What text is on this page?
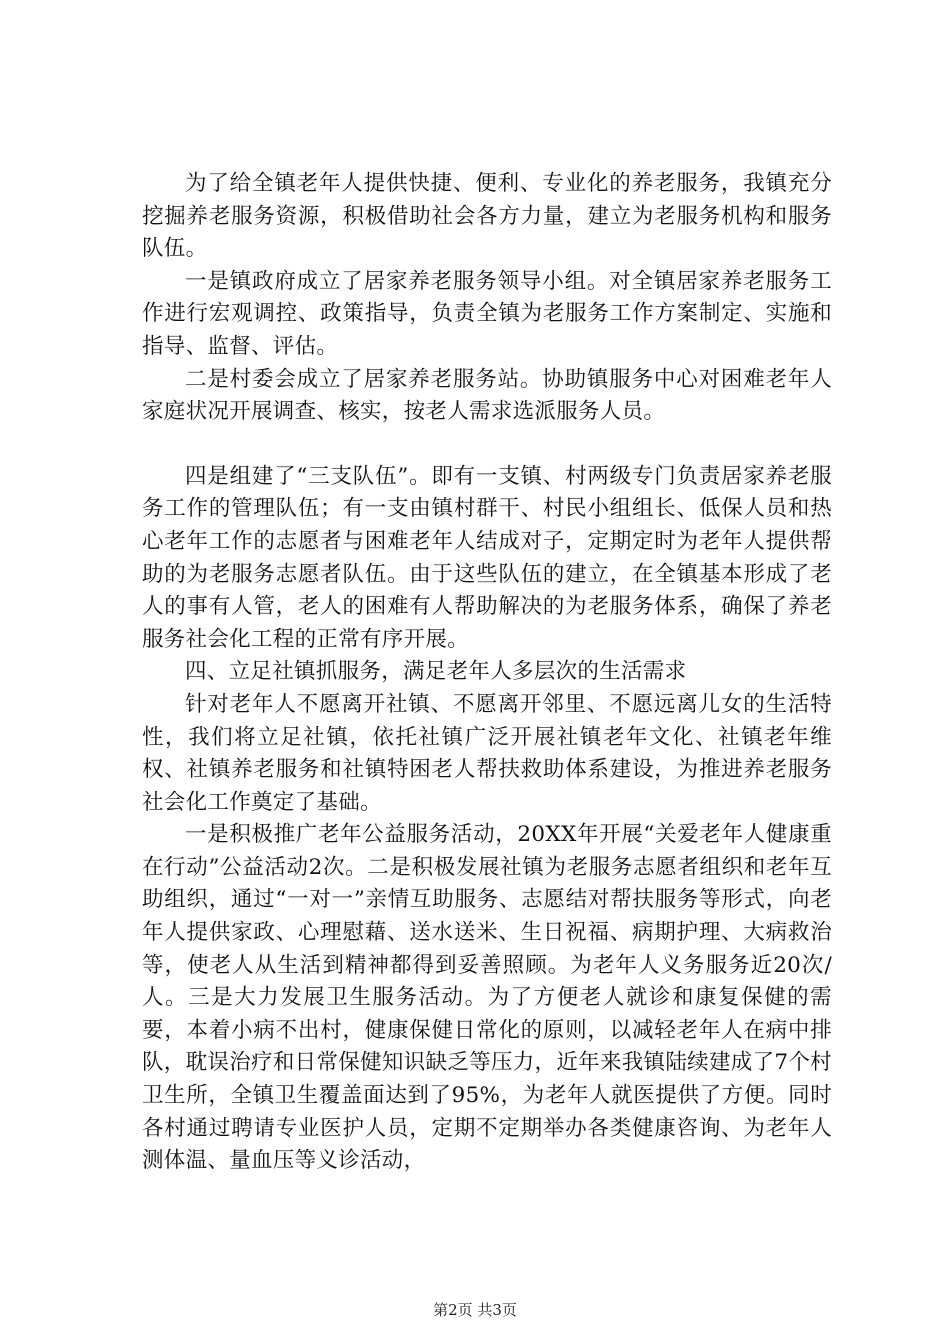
为了给全镇老年人提供快捷、便利、专业化的养老服务，我镇充分挖掘养老服务资源，积极借助社会各方力量，建立为老服务机构和服务队伍。

一是镇政府成立了居家养老服务领导小组。对全镇居家养老服务工作进行宏观调控、政策指导，负责全镇为老服务工作方案制定、实施和指导、监督、评估。

二是村委会成立了居家养老服务站。协助镇服务中心对困难老年人家庭状况开展调查、核实，按老人需求选派服务人员。

四是组建了“三支队伍”。即有一支镇、村两级专门负责居家养老服务工作的管理队伍；有一支由镇村群干、村民小组组长、低保人员和热心老年工作的志愿者与困难老年人结成对子，定期定时为老年人提供帮助的为老服务志愿者队伍。由于这些队伍的建立，在全镇基本形成了老人的事有人管，老人的困难有人帮助解决的为老服务体系，确保了养老服务社会化工程的正常有序开展。

四、立足社镇抓服务，满足老年人多层次的生活需求

针对老年人不愿离开社镇、不愿离开邻里、不愿远离儿女的生活特性，我们将立足社镇，依托社镇广泛开展社镇老年文化、社镇老年维权、社镇养老服务和社镇特困老人帮扶救助体系建设，为推进养老服务社会化工作奠定了基础。

一是积极推广老年公益服务活动，20XX年开展“关爱老年人健康重在行动”公益活动2次。二是积极发展社镇为老服务志愿者组织和老年互助组织，通过“一对一”亲情互助服务、志愿结对帮扶服务等形式，向老年人提供家政、心理慰藉、送水送米、生日祝福、病期护理、大病救治等，使老人从生活到精神都得到妥善照顾。为老年人义务服务近20次/人。三是大力发展卫生服务活动。为了方便老人就诊和康复保健的需要，本着小病不出村，健康保健日常化的原则，以减轻老年人在病中排队，耽误治疗和日常保健知识缺乏等压力，近年来我镇陆续建成了7个村卫生所，全镇卫生覆盖面达到了95%，为老年人就医提供了方便。同时各村通过聘请专业医护人员，定期不定期举办各类健康咨询、为老年人测体温、量血压等义诊活动，

第2页 共3页
